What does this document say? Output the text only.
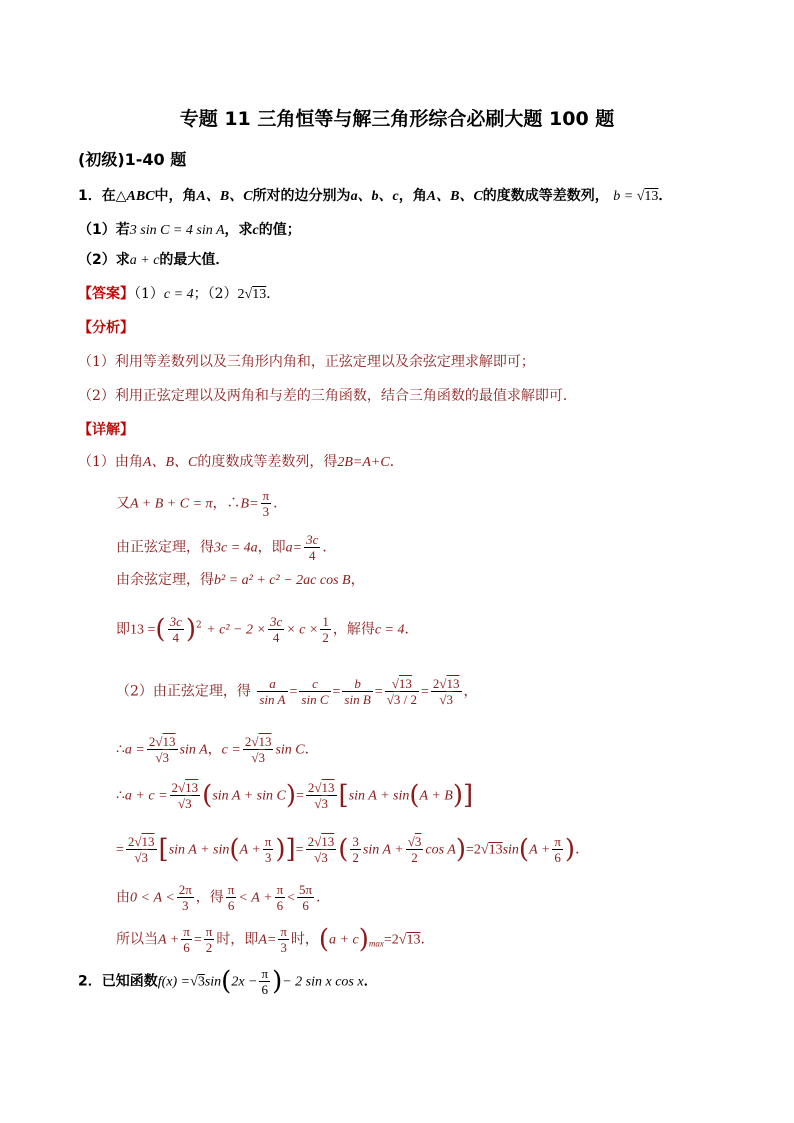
专题 11 三角恒等与解三角形综合必刷大题 100 题
(初级)1-40 题
1．在△ABC中，角A、B、C所对的边分别为a、b、c，角A、B、C的度数成等差数列， b = √13．
（1）若3 sin C = 4 sin A，求c的值；
（2）求a + c的最大值．
【答案】（1）c = 4；（2）2√13．
【分析】
（1）利用等差数列以及三角形内角和，正弦定理以及余弦定理求解即可；
（2）利用正弦定理以及两角和与差的三角函数，结合三角函数的最值求解即可．
【详解】
（1）由角A、B、C的度数成等差数列，得2B=A+C．
又A + B + C = π，∴B= $\frac{\pi}{3}$ ．
由正弦定理，得3c = 4a，即$a= \frac{3c}{4}$ ．
由余弦定理，得b² = a² + c² − 2ac cos B，
即13 =( $\frac{3c}{4} )^2 + c^2 - 2 \times \frac{3c}{4} \times c \times \frac{1}{2}$ ，解得c = 4．
（2）由正弦定理，得 $\frac{a}{\text{sin A}} = \frac{c}{\text{sin C}} = \frac{b}{\text{sin B}} = \frac{√13}{√3 / 2} = \frac{2√13}{√3}$ ，
∴a = $\frac{2√13}{√3}$ sin A，$c = \frac{2√13}{√3}$ sin C．
∴a + $c = \frac{2√13}{√3} (\sin$ $A + \sin C)= \frac{2√13}{√3} [\sin$ A + sin(A + B)]
= $\frac{2√13}{√3} [\sin$ $A + \sin(A + \frac{\pi}{3}$ )]= $\frac{2√13}{√3}$ ( $\frac{3}{2}$ $\sin A + \frac{√3}{2}$ $\cos A)=2√13\sin(A + \frac{\pi}{6}$ )．
由$0 < A < \frac{2\pi}{3}$ ，得 $\frac{\pi}{6} < A + \frac{\pi}{6} < \frac{5\pi}{6}$ ．
所以当$A + \frac{\pi}{6} = \frac{\pi}{2}$ 时，即$A= \frac{\pi}{3}$ 时，$(a + c)_{max}=2√13$．
2．已知函数$f(x) =√3\sin(2x - \frac{\pi}{6}$ )− 2 sin x cos x．
